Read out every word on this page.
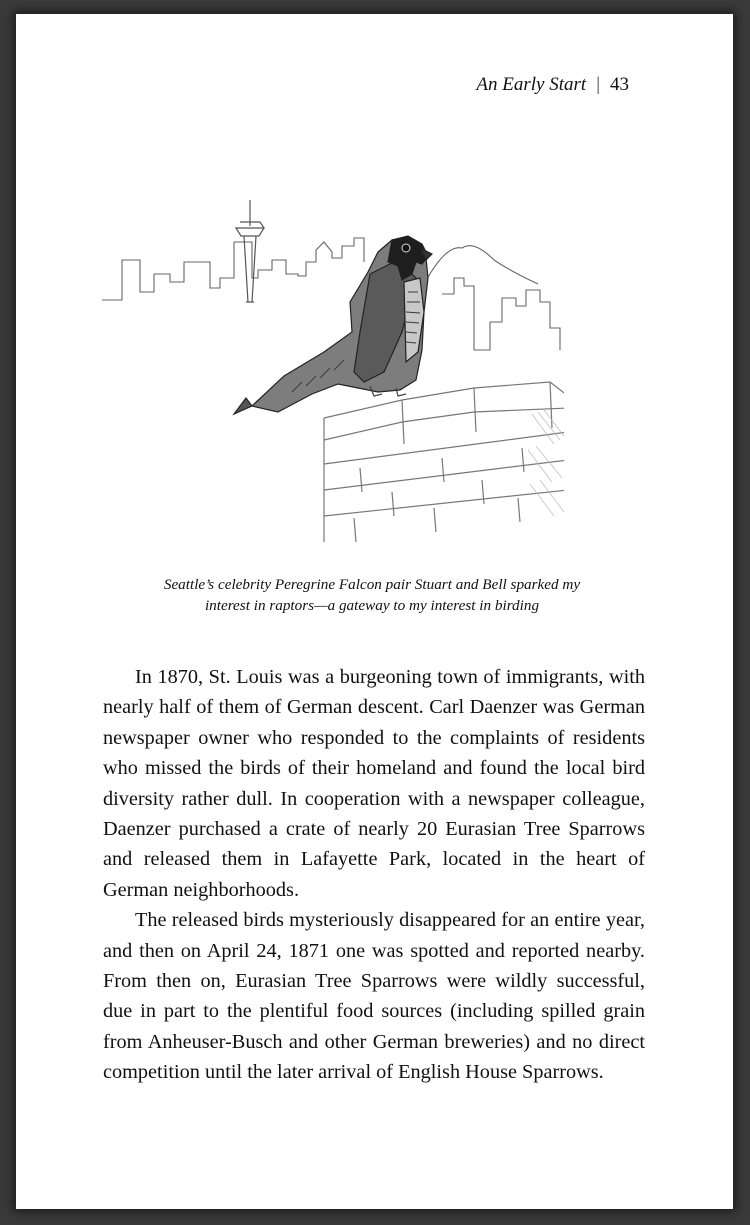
An Early Start | 43
Seattle’s celebrity Peregrine Falcon pair Stuart and Bell sparked my
interest in raptors—a gateway to my interest in birding

In 1870, St. Louis was a burgeoning town of immigrants, with nearly half of them of German descent. Carl Daenzer was German newspaper owner who responded to the complaints of residents who missed the birds of their homeland and found the local bird diversity rather dull. In cooperation with a newspaper colleague, Daenzer purchased a crate of nearly 20 Eurasian Tree Sparrows and released them in Lafayette Park, located in the heart of German neighborhoods.

The released birds mysteriously disappeared for an entire year, and then on April 24, 1871 one was spotted and reported nearby. From then on, Eurasian Tree Sparrows were wildly successful, due in part to the plentiful food sources (including spilled grain from Anheuser-Busch and other German breweries) and no direct competition until the later arrival of English House Sparrows.
